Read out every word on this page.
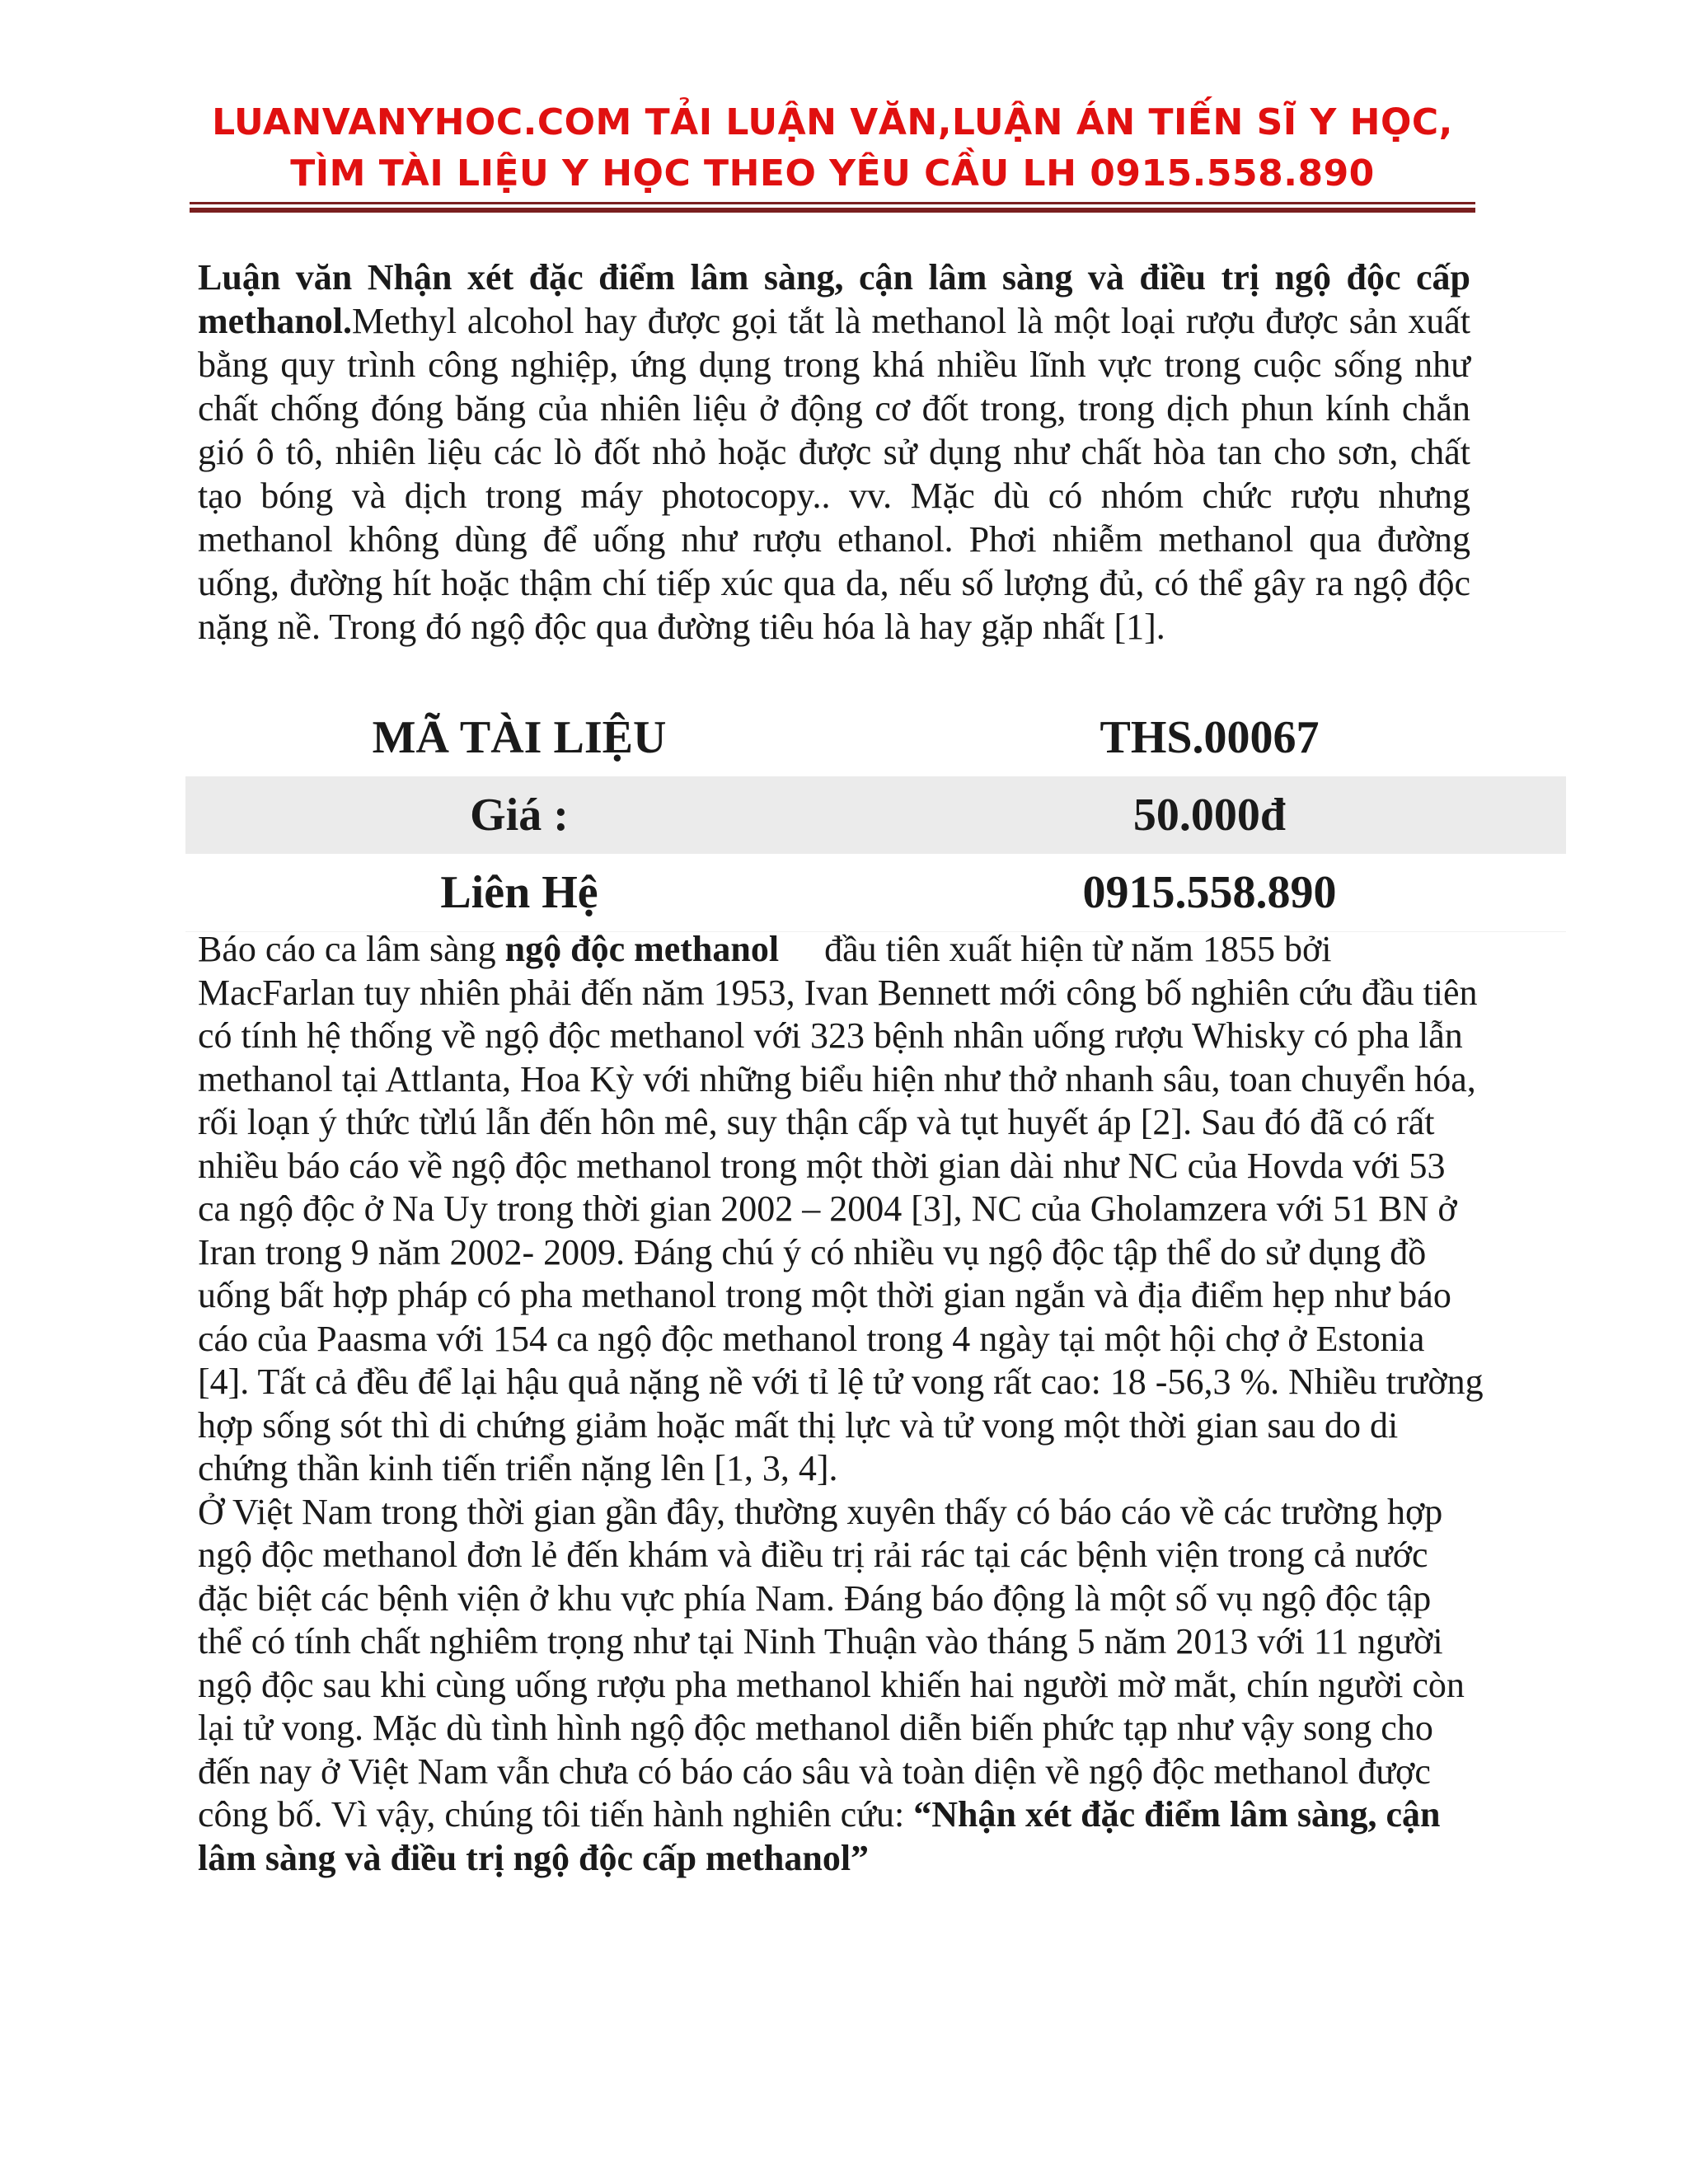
LUANVANYHOC.COM TẢI LUẬN VĂN,LUẬN ÁN TIẾN SĨ Y HỌC,
TÌM TÀI LIỆU Y HỌC THEO YÊU CẦU LH 0915.558.890
Luận văn Nhận xét đặc điểm lâm sàng, cận lâm sàng và điều trị ngộ độc cấp methanol.Methyl alcohol hay được gọi tắt là methanol là một loại rượu được sản xuất bằng quy trình công nghiệp, ứng dụng trong khá nhiều lĩnh vực trong cuộc sống như chất chống đóng băng của nhiên liệu ở động cơ đốt trong, trong dịch phun kính chắn gió ô tô, nhiên liệu các lò đốt nhỏ hoặc được sử dụng như chất hòa tan cho sơn, chất tạo bóng và dịch trong máy photocopy.. vv. Mặc dù có nhóm chức rượu nhưng methanol không dùng để uống như rượu ethanol. Phơi nhiễm methanol qua đường uống, đường hít hoặc thậm chí tiếp xúc qua da, nếu số lượng đủ, có thể gây ra ngộ độc nặng nề. Trong đó ngộ độc qua đường tiêu hóa là hay gặp nhất [1].
MÃ TÀI LIỆU	THS.00067
Giá :	50.000đ
Liên Hệ	0915.558.890

Báo cáo ca lâm sàng ngộ độc methanol đầu tiên xuất hiện từ năm 1855 bởi MacFarlan tuy nhiên phải đến năm 1953, Ivan Bennett mới công bố nghiên cứu đầu tiên có tính hệ thống về ngộ độc methanol với 323 bệnh nhân uống rượu Whisky có pha lẫn methanol tại Attlanta, Hoa Kỳ với những biểu hiện như thở nhanh sâu, toan chuyển hóa, rối loạn ý thức từlú lẫn đến hôn mê, suy thận cấp và tụt huyết áp [2]. Sau đó đã có rất nhiều báo cáo về ngộ độc methanol trong một thời gian dài như NC của Hovda với 53 ca ngộ độc ở Na Uy trong thời gian 2002 – 2004 [3], NC của Gholamzera với 51 BN ở Iran trong 9 năm 2002- 2009. Đáng chú ý có nhiều vụ ngộ độc tập thể do sử dụng đồ uống bất hợp pháp có pha methanol trong một thời gian ngắn và địa điểm hẹp như báo cáo của Paasma với 154 ca ngộ độc methanol trong 4 ngày tại một hội chợ ở Estonia [4]. Tất cả đều để lại hậu quả nặng nề với tỉ lệ tử vong rất cao: 18 -56,3 %. Nhiều trường hợp sống sót thì di chứng giảm hoặc mất thị lực và tử vong một thời gian sau do di chứng thần kinh tiến triển nặng lên [1, 3, 4].

Ở Việt Nam trong thời gian gần đây, thường xuyên thấy có báo cáo về các trường hợp ngộ độc methanol đơn lẻ đến khám và điều trị rải rác tại các bệnh viện trong cả nước đặc biệt các bệnh viện ở khu vực phía Nam. Đáng báo động là một số vụ ngộ độc tập thể có tính chất nghiêm trọng như tại Ninh Thuận vào tháng 5 năm 2013 với 11 người ngộ độc sau khi cùng uống rượu pha methanol khiến hai người mờ mắt, chín người còn lại tử vong. Mặc dù tình hình ngộ độc methanol diễn biến phức tạp như vậy song cho đến nay ở Việt Nam vẫn chưa có báo cáo sâu và toàn diện về ngộ độc methanol được công bố. Vì vậy, chúng tôi tiến hành nghiên cứu: “Nhận xét đặc điểm lâm sàng, cận lâm sàng và điều trị ngộ độc cấp methanol”
